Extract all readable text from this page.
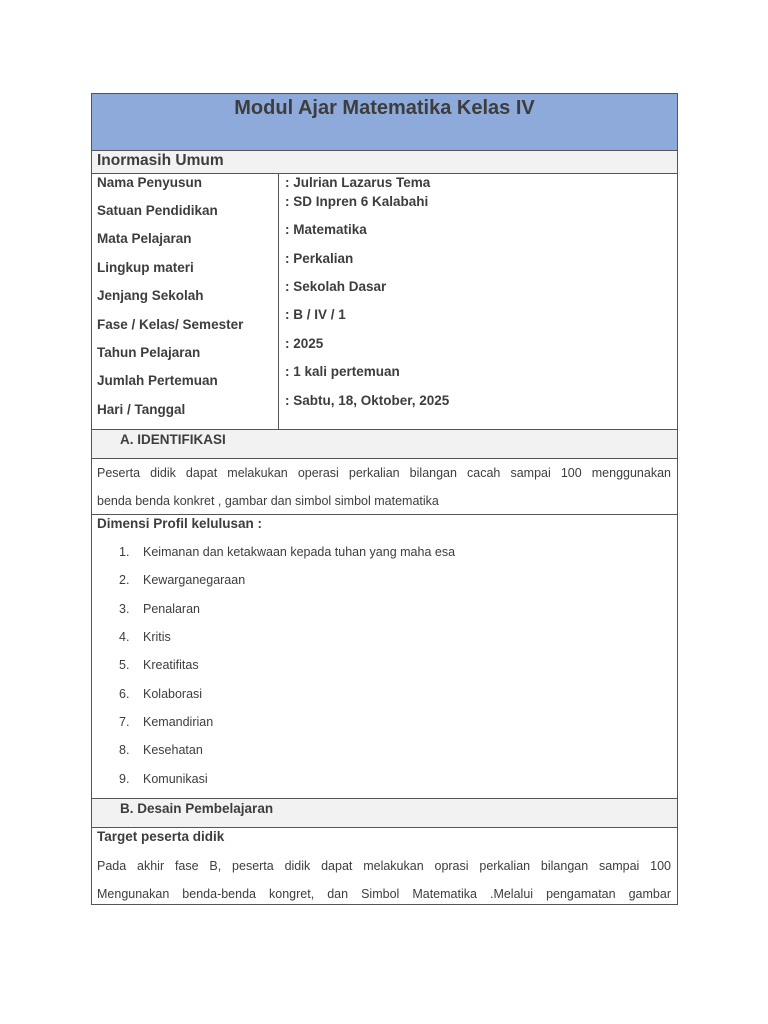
Modul Ajar Matematika Kelas IV
Inormasih Umum
Nama Penyusun
Satuan Pendidikan
Mata Pelajaran
Lingkup materi
Jenjang Sekolah
Fase / Kelas/ Semester
Tahun Pelajaran
Jumlah Pertemuan
Hari / Tanggal
: Julrian Lazarus Tema
: SD Inpren 6 Kalabahi
: Matematika
: Perkalian
: Sekolah Dasar
: B / IV / 1
: 2025
: 1 kali pertemuan
: Sabtu, 18, Oktober, 2025
A. IDENTIFIKASI
Peserta didik dapat melakukan operasi perkalian bilangan cacah sampai 100 menggunakan
benda benda konkret , gambar dan simbol simbol matematika
Dimensi Profil kelulusan :
1. Keimanan dan ketakwaan kepada tuhan yang maha esa
2. Kewarganegaraan
3. Penalaran
4. Kritis
5. Kreatifitas
6. Kolaborasi
7. Kemandirian
8. Kesehatan
9. Komunikasi
B. Desain Pembelajaran
Target peserta didik
Pada akhir fase B, peserta didik dapat melakukan oprasi perkalian bilangan sampai 100
Mengunakan benda-benda kongret, dan Simbol Matematika .Melalui pengamatan gambar
